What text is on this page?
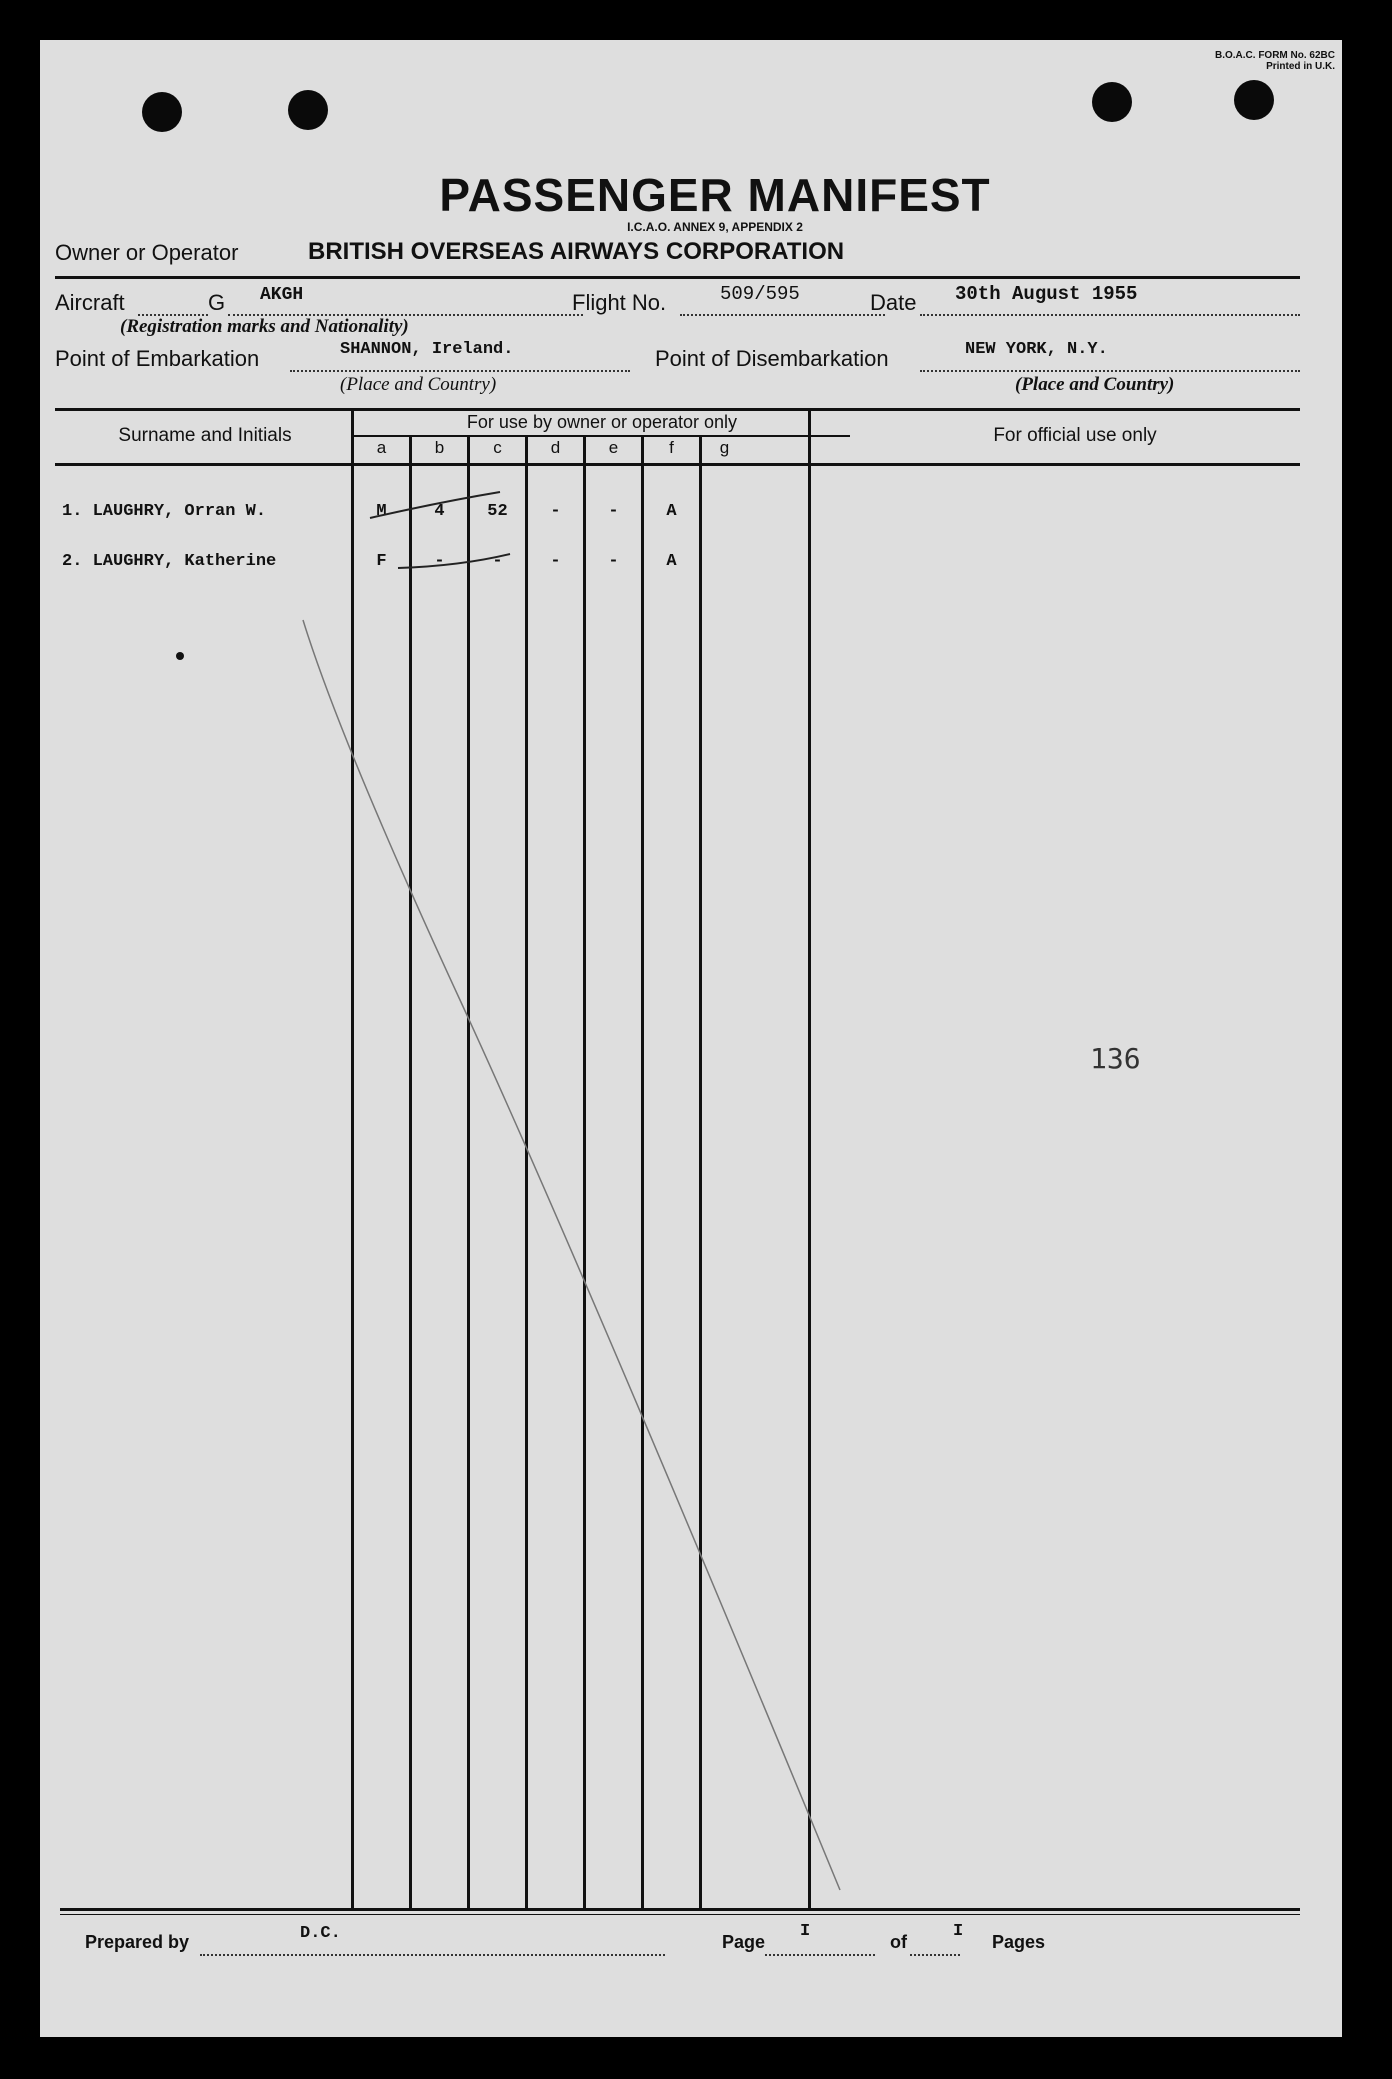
B.O.A.C. FORM No. 62BC
Printed in U.K.
PASSENGER MANIFEST
I.C.A.O. ANNEX 9, APPENDIX 2
Owner or Operator	BRITISH OVERSEAS AIRWAYS CORPORATION
Aircraft	G AKGH
(Registration marks and Nationality)
Flight No.	509/595	Date 30th August 1955
Point of Embarkation	SHANNON, Ireland.
(Place and Country)
Point of Disembarkation	NEW YORK, N.Y.
(Place and Country)
Surname and Initials
For use by owner or operator only
For official use only
a	b	c	d	e	f	g
1. LAUGHRY, Orran W.	M	4	52	-	-	A
2. LAUGHRY, Katherine	F	-	-	-	-	A
136
Prepared by	D.C.	Page
I
of
I
Pages
